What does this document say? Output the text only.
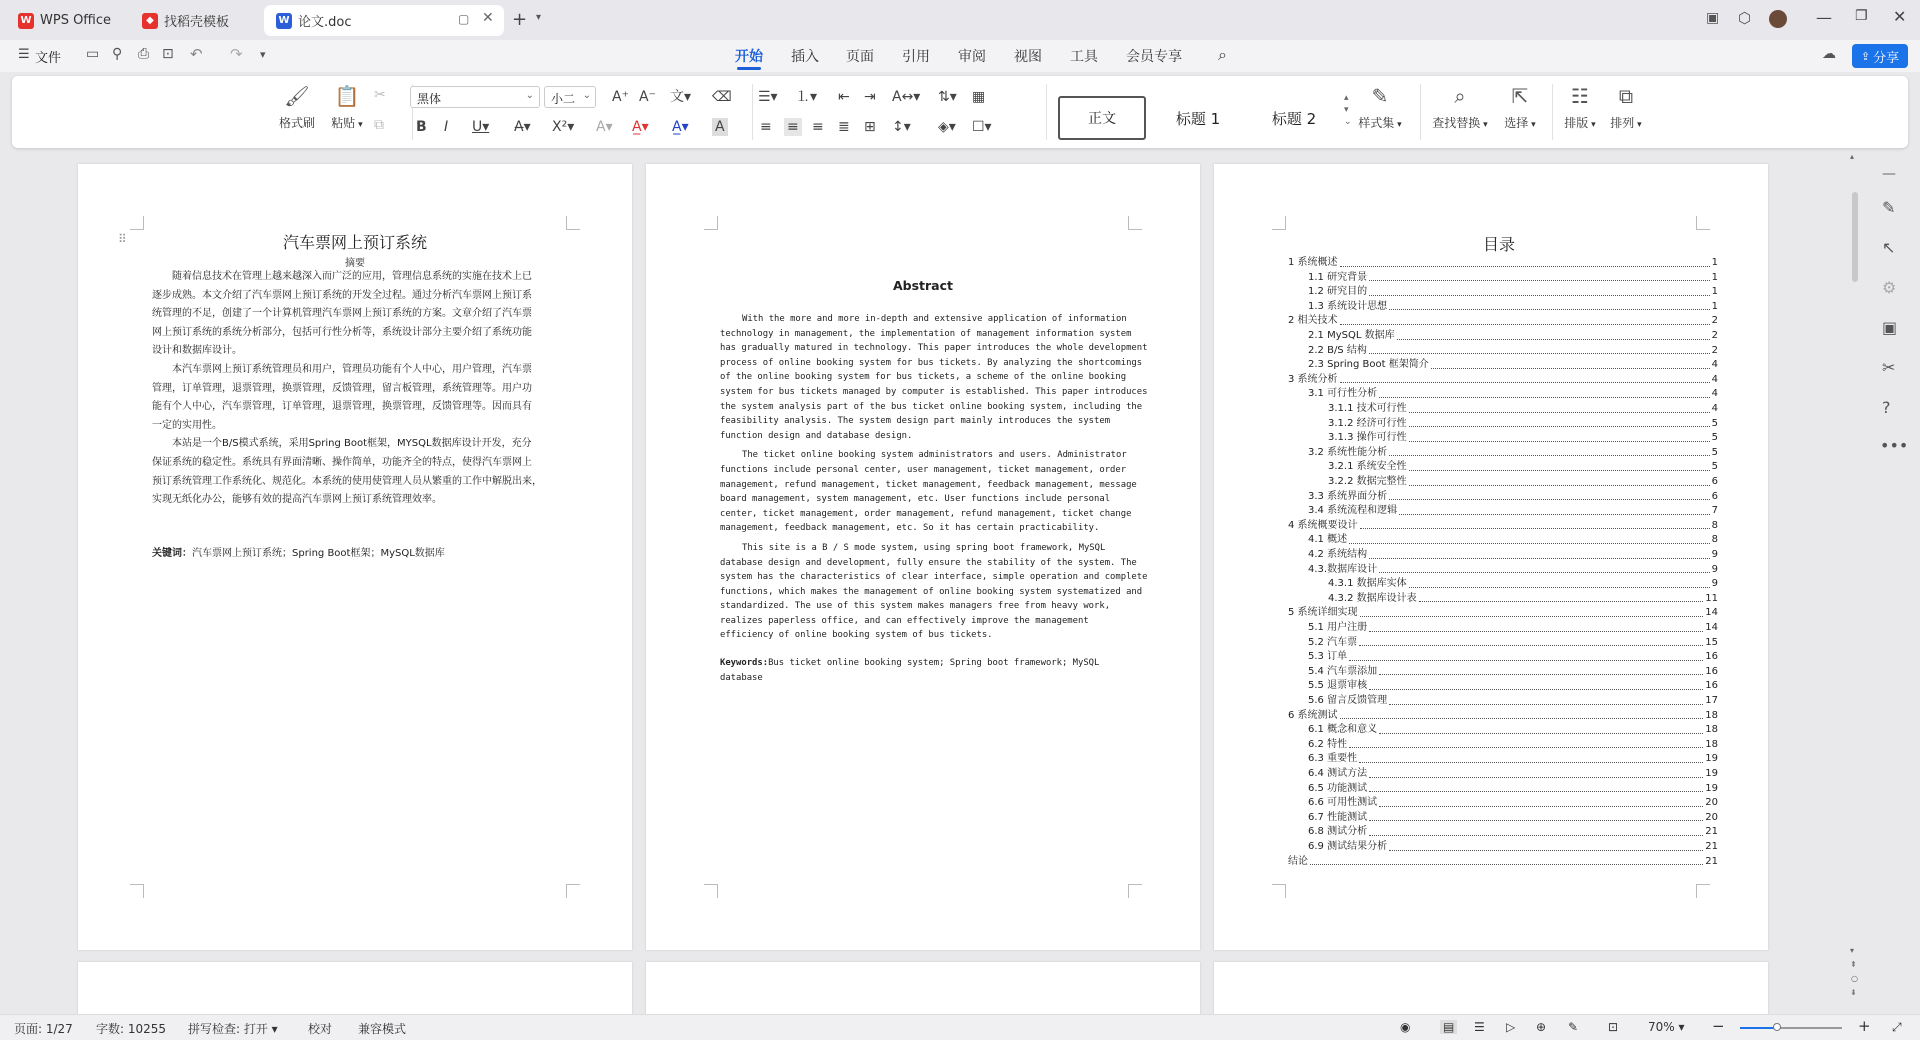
W WPS Office	◆ 找稻壳模板	W 论文.doc	▢ ✕ + ▾	▣ ⬡	— ❐ ✕
☰ 文件 ▭ ⚲ ⎙ ⊡ ↶ ↷ ▾	开始 插入 页面 引用 审阅 视图 工具 会员专享 ⌕	☁ ⇪ 分享
🖌
格式刷
📋
粘贴 ▾
✂
⧉
黑体	⌄	小二 ⌄ A⁺ A⁻ 文▾ ⌫
B I U▾ A̶▾ X²▾ A▾ A̲▾ A̲▾ A
☰▾ ⒈▾ ⇤ ⇥ A↔▾ ⇅▾ ▦
≡ ≡ ≡ ≣ ⊞ ↕▾ ◈▾ ☐▾	正文	标题 1	标题 2
▴
▾
⌄
✎
样式集 ▾
⌕
查找替换 ▾
⇱
选择 ▾
☷
排版 ▾
⧉
排列 ▾
⠿	汽车票网上预订系统
摘要
随着信息技术在管理上越来越深入而广泛的应用，管理信息系统的实施在技术上已
逐步成熟。本文介绍了汽车票网上预订系统的开发全过程。通过分析汽车票网上预订系
统管理的不足，创建了一个计算机管理汽车票网上预订系统的方案。文章介绍了汽车票
网上预订系统的系统分析部分，包括可行性分析等，系统设计部分主要介绍了系统功能
设计和数据库设计。
本汽车票网上预订系统管理员和用户，管理员功能有个人中心，用户管理，汽车票
管理，订单管理，退票管理，换票管理，反馈管理，留言板管理，系统管理等。用户功
能有个人中心，汽车票管理，订单管理，退票管理，换票管理，反馈管理等。因而具有
一定的实用性。
本站是一个B/S模式系统，采用Spring Boot框架，MYSQL数据库设计开发，充分
保证系统的稳定性。系统具有界面清晰、操作简单，功能齐全的特点，使得汽车票网上
预订系统管理工作系统化、规范化。本系统的使用使管理人员从繁重的工作中解脱出来，
实现无纸化办公，能够有效的提高汽车票网上预订系统管理效率。
关键词：汽车票网上预订系统；Spring Boot框架；MySQL数据库
Abstract
With the more and more in-depth and extensive application of information
technology in management, the implementation of management information system
has gradually matured in technology. This paper introduces the whole development
process of online booking system for bus tickets. By analyzing the shortcomings
of the online booking system for bus tickets, a scheme of the online booking
system for bus tickets managed by computer is established. This paper introduces
the system analysis part of the bus ticket online booking system, including the
feasibility analysis. The system design part mainly introduces the system
function design and database design.
The ticket online booking system administrators and users. Administrator
functions include personal center, user management, ticket management, order
management, refund management, ticket management, feedback management, message
board management, system management, etc. User functions include personal
center, ticket management, order management, refund management, ticket change
management, feedback management, etc. So it has certain practicability.
This site is a B / S mode system, using spring boot framework, MySQL
database design and development, fully ensure the stability of the system. The
system has the characteristics of clear interface, simple operation and complete
functions, which makes the management of online booking system systematized and
standardized. The use of this system makes managers free from heavy work,
realizes paperless office, and can effectively improve the management
efficiency of online booking system of bus tickets.
Keywords:Bus ticket online booking system; Spring boot framework; MySQL
database
目录
1 系统概述	1
1.1 研究背景	1
1.2 研究目的	1
1.3 系统设计思想	1
2 相关技术	2
2.1 MySQL 数据库	2
2.2 B/S 结构	2
2.3 Spring Boot 框架简介	4
3 系统分析	4
3.1 可行性分析	4
3.1.1 技术可行性	4
3.1.2 经济可行性	5
3.1.3 操作可行性	5
3.2 系统性能分析	5
3.2.1 系统安全性	5
3.2.2 数据完整性	6
3.3 系统界面分析	6
3.4 系统流程和逻辑	7
4 系统概要设计	8
4.1 概述	8
4.2 系统结构	9
4.3.数据库设计	9
4.3.1 数据库实体	9
4.3.2 数据库设计表	11
5 系统详细实现	14
5.1 用户注册	14
5.2 汽车票	15
5.3 订单	16
5.4 汽车票添加	16
5.5 退票审核	16
5.6 留言反馈管理	17
6 系统测试	18
6.1 概念和意义	18
6.2 特性	18
6.3 重要性	19
6.4 测试方法	19
6.5 功能测试	19
6.6 可用性测试	20
6.7 性能测试	20
6.8 测试分析	21
6.9 测试结果分析	21
结论	21
▴
▾
⇞
○
⇟
—
✎
↖
⚙
▣
✂
?
•••
页面: 1/27 字数: 10255 拼写检查: 打开 ▾	校对 兼容模式	◉	▤ ☰ ▷ ⊕ ✎ ⊡ 70% ▾ −	+ ⤢
